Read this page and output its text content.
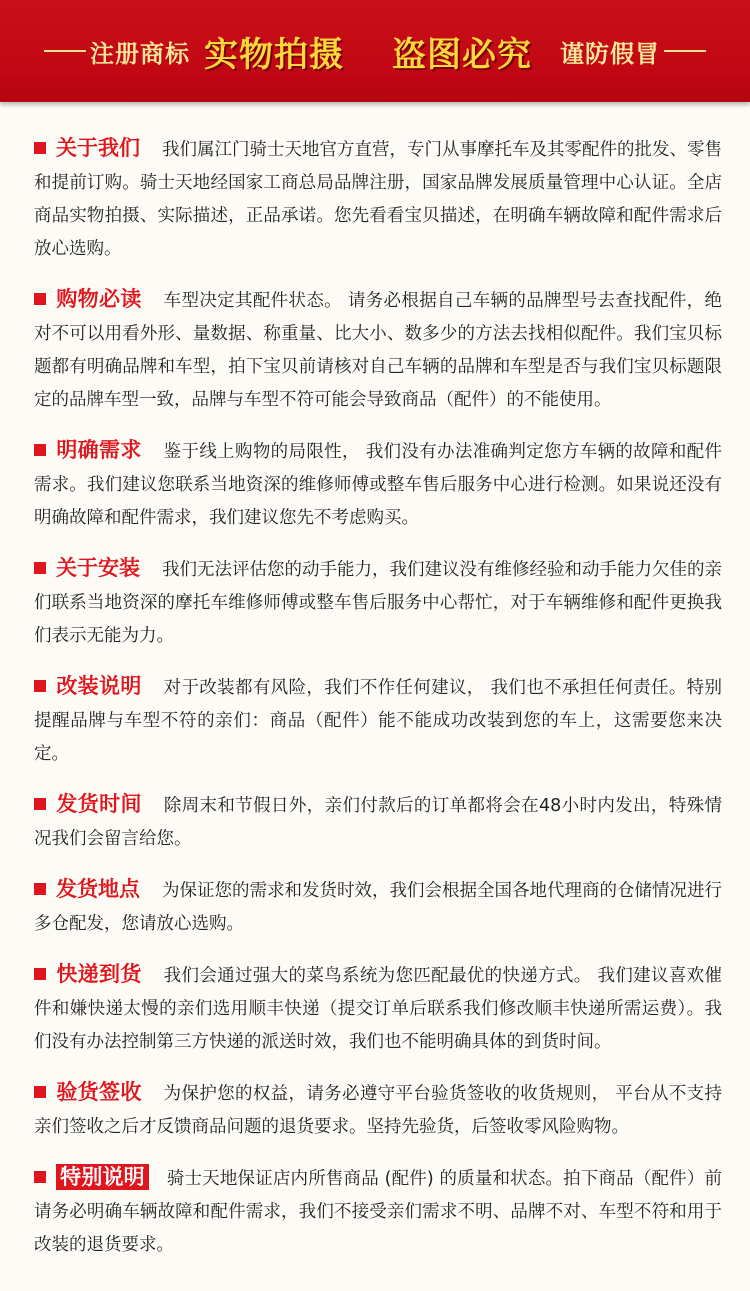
注册商标 实物拍摄 盗图必究 谨防假冒

关于我们 我们属江门骑士天地官方直营，专门从事摩托车及其零配件的批发、零售和提前订购。骑士天地经国家工商总局品牌注册，国家品牌发展质量管理中心认证。全店商品实物拍摄、实际描述，正品承诺。您先看看宝贝描述，在明确车辆故障和配件需求后放心选购。

购物必读 车型决定其配件状态。 请务必根据自己车辆的品牌型号去查找配件，绝对不可以用看外形、量数据、称重量、比大小、数多少的方法去找相似配件。我们宝贝标题都有明确品牌和车型，拍下宝贝前请核对自己车辆的品牌和车型是否与我们宝贝标题限定的品牌车型一致，品牌与车型不符可能会导致商品（配件）的不能使用。

明确需求 鉴于线上购物的局限性， 我们没有办法准确判定您方车辆的故障和配件需求。我们建议您联系当地资深的维修师傅或整车售后服务中心进行检测。如果说还没有明确故障和配件需求，我们建议您先不考虑购买。

关于安装 我们无法评估您的动手能力，我们建议没有维修经验和动手能力欠佳的亲们联系当地资深的摩托车维修师傅或整车售后服务中心帮忙，对于车辆维修和配件更换我们表示无能为力。

改装说明 对于改装都有风险，我们不作任何建议， 我们也不承担任何责任。特别提醒品牌与车型不符的亲们：商品（配件）能不能成功改装到您的车上，这需要您来决定。

发货时间 除周末和节假日外，亲们付款后的订单都将会在48小时内发出，特殊情况我们会留言给您。

发货地点 为保证您的需求和发货时效，我们会根据全国各地代理商的仓储情况进行多仓配发，您请放心选购。

快递到货 我们会通过强大的菜鸟系统为您匹配最优的快递方式。 我们建议喜欢催件和嫌快递太慢的亲们选用顺丰快递（提交订单后联系我们修改顺丰快递所需运费）。我们没有办法控制第三方快递的派送时效，我们也不能明确具体的到货时间。

验货签收 为保护您的权益，请务必遵守平台验货签收的收货规则， 平台从不支持亲们签收之后才反馈商品问题的退货要求。坚持先验货，后签收零风险购物。

特别说明 骑士天地保证店内所售商品 (配件) 的质量和状态。拍下商品（配件）前请务必明确车辆故障和配件需求，我们不接受亲们需求不明、品牌不对、车型不符和用于改装的退货要求。
